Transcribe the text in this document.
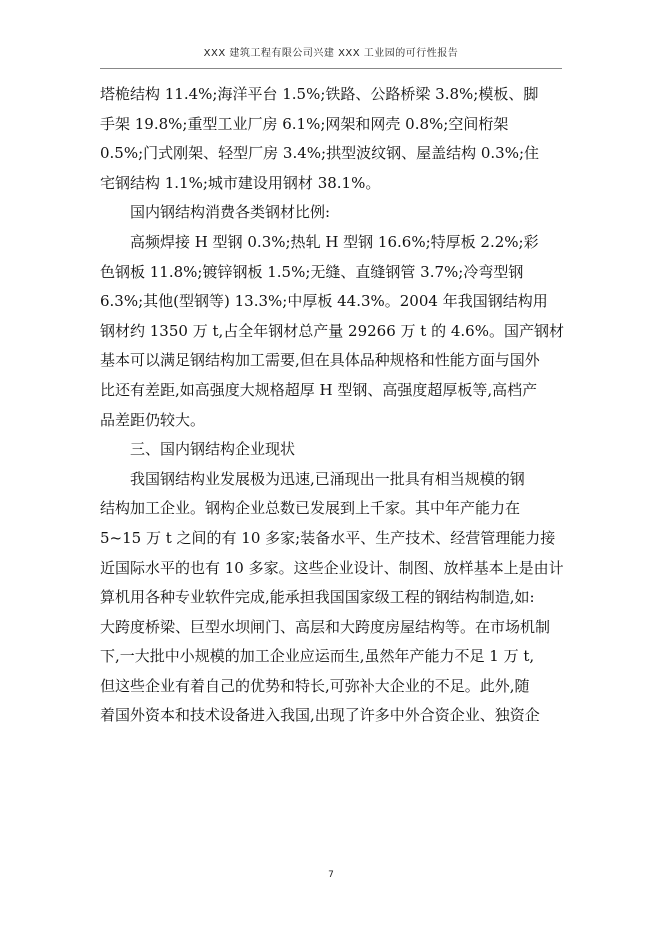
XXX 建筑工程有限公司兴建 XXX 工业园的可行性报告
塔桅结构 11.4%;海洋平台 1.5%;铁路、公路桥梁 3.8%;模板、脚
手架 19.8%;重型工业厂房 6.1%;网架和网壳 0.8%;空间桁架
0.5%;门式刚架、轻型厂房 3.4%;拱型波纹钢、屋盖结构 0.3%;住
宅钢结构 1.1%;城市建设用钢材 38.1%。
国内钢结构消费各类钢材比例:
高频焊接 H 型钢 0.3%;热轧 H 型钢 16.6%;特厚板 2.2%;彩
色钢板 11.8%;镀锌钢板 1.5%;无缝、直缝钢管 3.7%;冷弯型钢
6.3%;其他(型钢等) 13.3%;中厚板 44.3%。2004 年我国钢结构用
钢材约 1350 万 t,占全年钢材总产量 29266 万 t 的 4.6%。国产钢材
基本可以满足钢结构加工需要,但在具体品种规格和性能方面与国外
比还有差距,如高强度大规格超厚 H 型钢、高强度超厚板等,高档产
品差距仍较大。
三、国内钢结构企业现状
我国钢结构业发展极为迅速,已涌现出一批具有相当规模的钢
结构加工企业。钢构企业总数已发展到上千家。其中年产能力在
5~15 万 t 之间的有 10 多家;装备水平、生产技术、经营管理能力接
近国际水平的也有 10 多家。这些企业设计、制图、放样基本上是由计
算机用各种专业软件完成,能承担我国国家级工程的钢结构制造,如:
大跨度桥梁、巨型水坝闸门、高层和大跨度房屋结构等。在市场机制
下,一大批中小规模的加工企业应运而生,虽然年产能力不足 1 万 t,
但这些企业有着自己的优势和特长,可弥补大企业的不足。此外,随
着国外资本和技术设备进入我国,出现了许多中外合资企业、独资企
7
